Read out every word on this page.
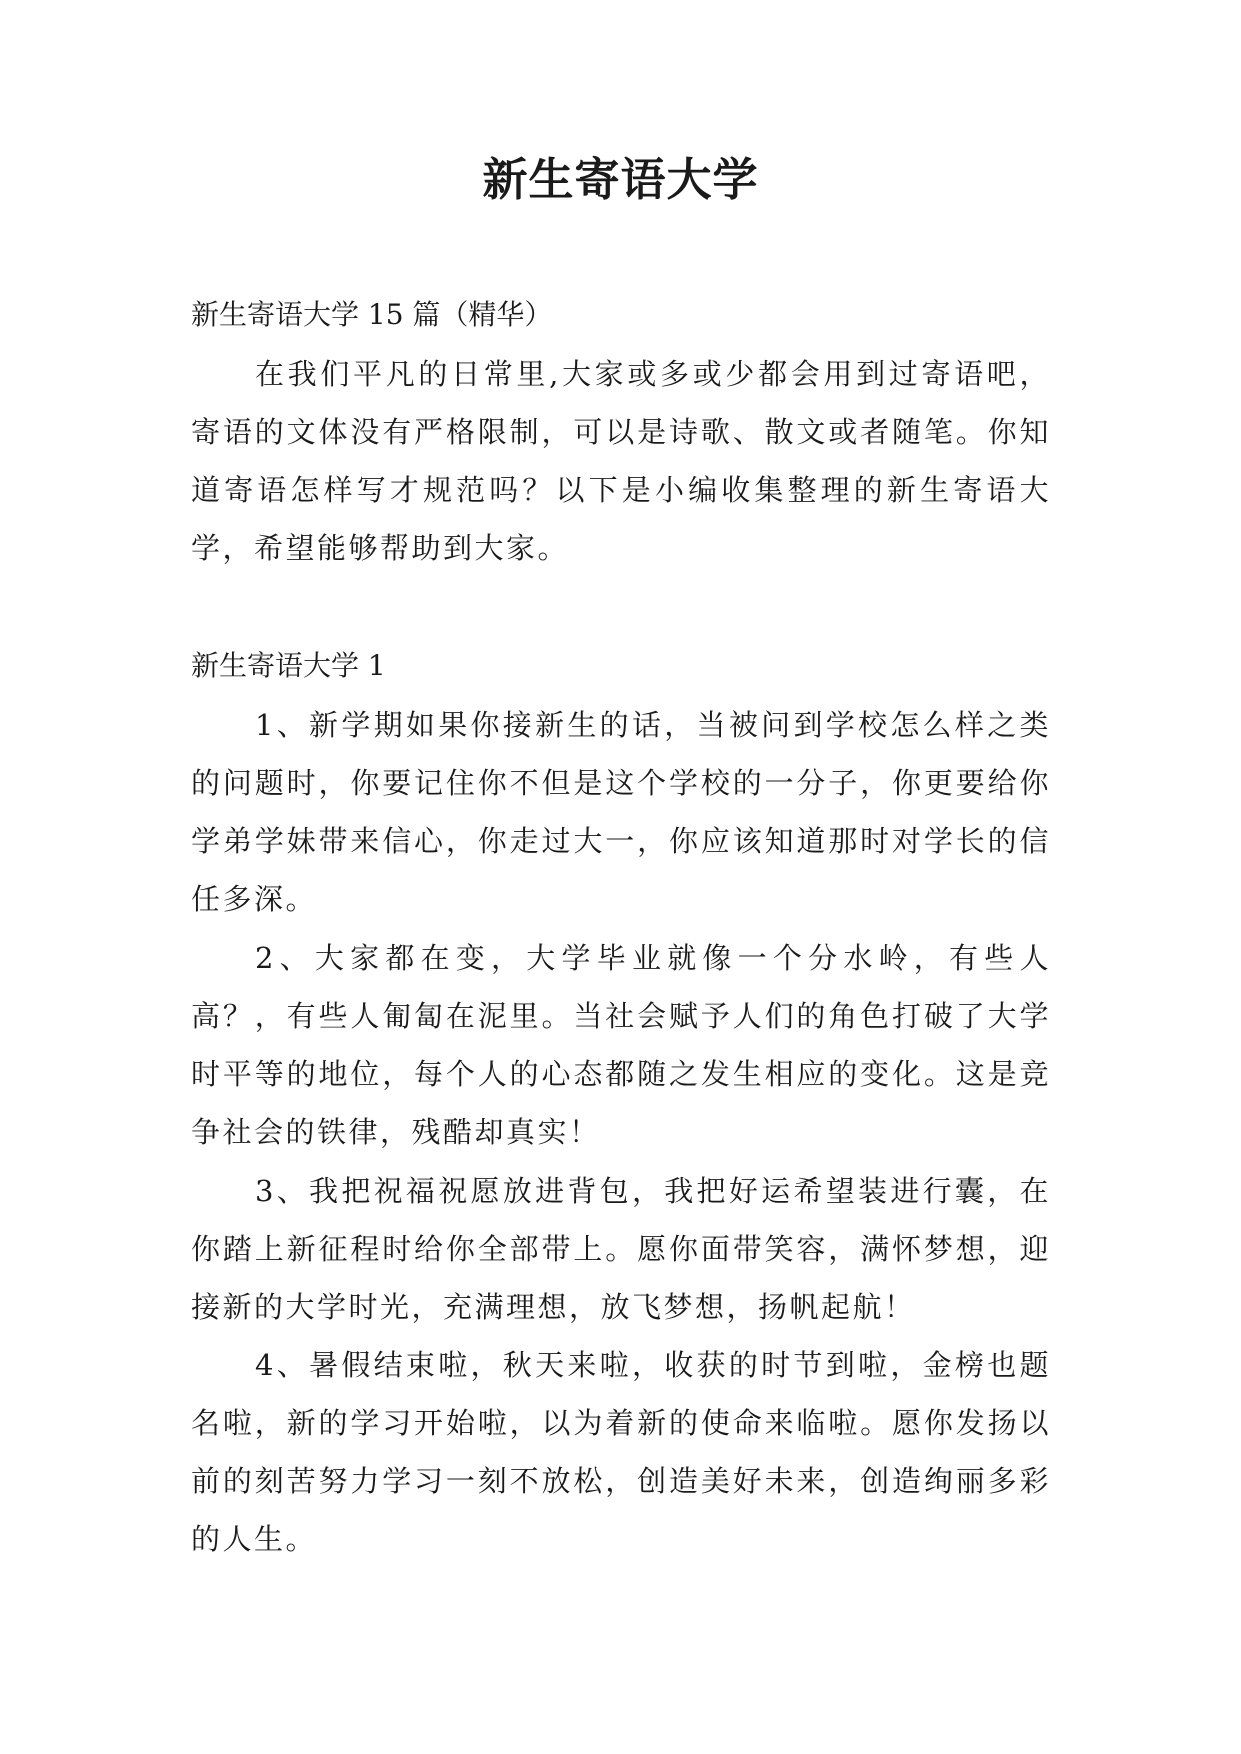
新生寄语大学

新生寄语大学 15 篇（精华）

在我们平凡的日常里,大家或多或少都会用到过寄语吧，寄语的文体没有严格限制，可以是诗歌、散文或者随笔。你知道寄语怎样写才规范吗？以下是小编收集整理的新生寄语大学，希望能够帮助到大家。

新生寄语大学 1

1、新学期如果你接新生的话，当被问到学校怎么样之类的问题时，你要记住你不但是这个学校的一分子，你更要给你学弟学妹带来信心，你走过大一，你应该知道那时对学长的信任多深。

2、大家都在变，大学毕业就像一个分水岭，有些人高？，有些人匍匐在泥里。当社会赋予人们的角色打破了大学时平等的地位，每个人的心态都随之发生相应的变化。这是竞争社会的铁律，残酷却真实！

3、我把祝福祝愿放进背包，我把好运希望装进行囊，在你踏上新征程时给你全部带上。愿你面带笑容，满怀梦想，迎接新的大学时光，充满理想，放飞梦想，扬帆起航！

4、暑假结束啦，秋天来啦，收获的时节到啦，金榜也题名啦，新的学习开始啦，以为着新的使命来临啦。愿你发扬以前的刻苦努力学习一刻不放松，创造美好未来，创造绚丽多彩的人生。
